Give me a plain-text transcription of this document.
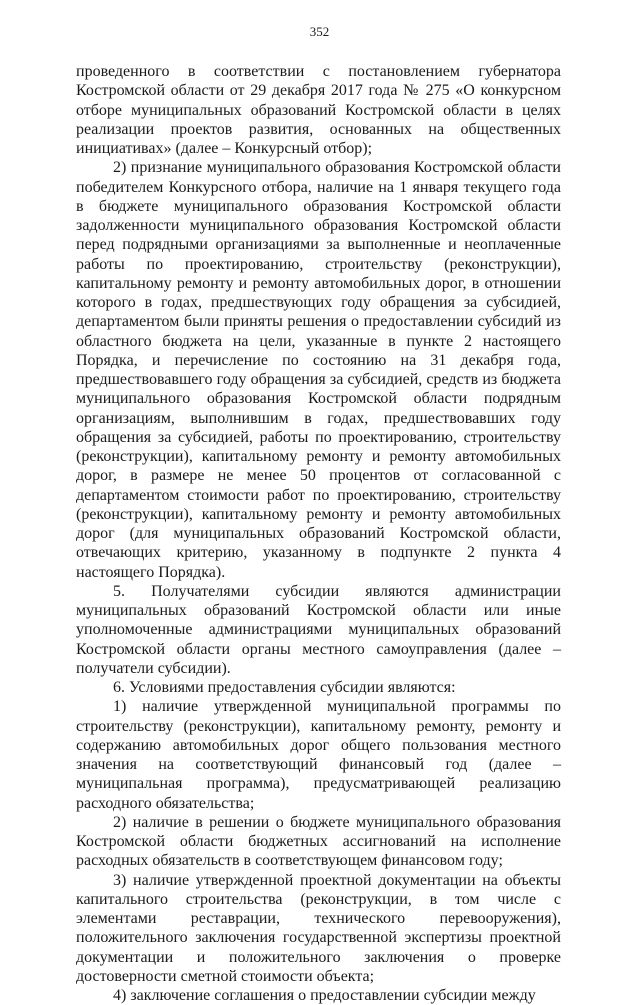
352

проведенного в соответствии с постановлением губернатора Костромской области от 29 декабря 2017 года № 275 «О конкурсном отборе муниципальных образований Костромской области в целях реализации проектов развития, основанных на общественных инициативах» (далее – Конкурсный отбор);

2) признание муниципального образования Костромской области победителем Конкурсного отбора, наличие на 1 января текущего года в бюджете муниципального образования Костромской области задолженности муниципального образования Костромской области перед подрядными организациями за выполненные и неоплаченные работы по проектированию, строительству (реконструкции), капитальному ремонту и ремонту автомобильных дорог, в отношении которого в годах, предшествующих году обращения за субсидией, департаментом были приняты решения о предоставлении субсидий из областного бюджета на цели, указанные в пункте 2 настоящего Порядка, и перечисление по состоянию на 31 декабря года, предшествовавшего году обращения за субсидией, средств из бюджета муниципального образования Костромской области подрядным организациям, выполнившим в годах, предшествовавших году обращения за субсидией, работы по проектированию, строительству (реконструкции), капитальному ремонту и ремонту автомобильных дорог, в размере не менее 50 процентов от согласованной с департаментом стоимости работ по проектированию, строительству (реконструкции), капитальному ремонту и ремонту автомобильных дорог (для муниципальных образований Костромской области, отвечающих критерию, указанному в подпункте 2 пункта 4 настоящего Порядка).

5. Получателями субсидии являются администрации муниципальных образований Костромской области или иные уполномоченные администрациями муниципальных образований Костромской области органы местного самоуправления (далее – получатели субсидии).

6. Условиями предоставления субсидии являются:

1) наличие утвержденной муниципальной программы по строительству (реконструкции), капитальному ремонту, ремонту и содержанию автомобильных дорог общего пользования местного значения на соответствующий финансовый год (далее – муниципальная программа), предусматривающей реализацию расходного обязательства;

2) наличие в решении о бюджете муниципального образования Костромской области бюджетных ассигнований на исполнение расходных обязательств в соответствующем финансовом году;

3) наличие утвержденной проектной документации на объекты капитального строительства (реконструкции, в том числе с элементами реставрации, технического перевооружения), положительного заключения государственной экспертизы проектной документации и положительного заключения о проверке достоверности сметной стоимости объекта;

4) заключение соглашения о предоставлении субсидии между
